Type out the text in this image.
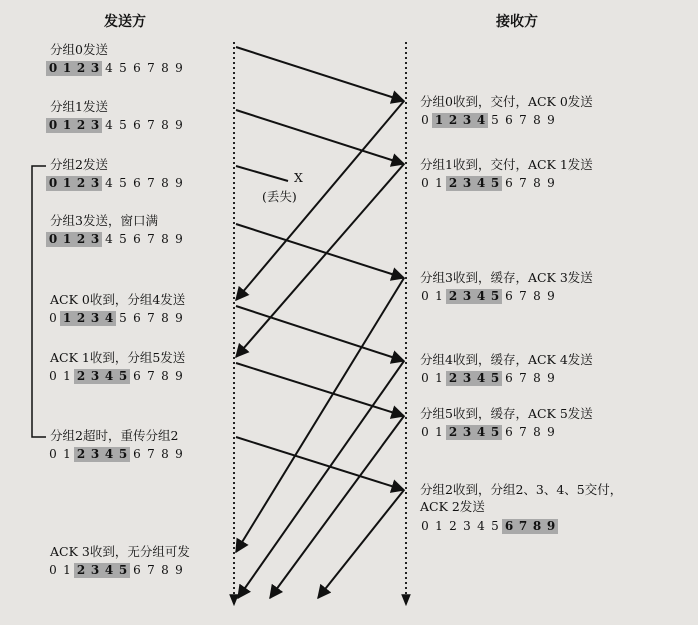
发送方	接收方
X
(丢失)
分组0发送
0 1 2 3 4 5 6 7 8 9
分组1发送
0 1 2 3 4 5 6 7 8 9
分组2发送
0 1 2 3 4 5 6 7 8 9
分组3发送，窗口满
0 1 2 3 4 5 6 7 8 9
ACK 0收到，分组4发送
0 1 2 3 4 5 6 7 8 9
ACK 1收到，分组5发送
0 1 2 3 4 5 6 7 8 9
分组2超时，重传分组2
0 1 2 3 4 5 6 7 8 9
ACK 3收到，无分组可发
0 1 2 3 4 5 6 7 8 9
分组0收到，交付，ACK 0发送
0 1 2 3 4 5 6 7 8 9
分组1收到，交付，ACK 1发送
0 1 2 3 4 5 6 7 8 9
分组3收到，缓存，ACK 3发送
0 1 2 3 4 5 6 7 8 9
分组4收到，缓存，ACK 4发送
0 1 2 3 4 5 6 7 8 9
分组5收到，缓存，ACK 5发送
0 1 2 3 4 5 6 7 8 9
分组2收到，分组2、3、4、5交付，
ACK 2发送
0 1 2 3 4 5 6 7 8 9
